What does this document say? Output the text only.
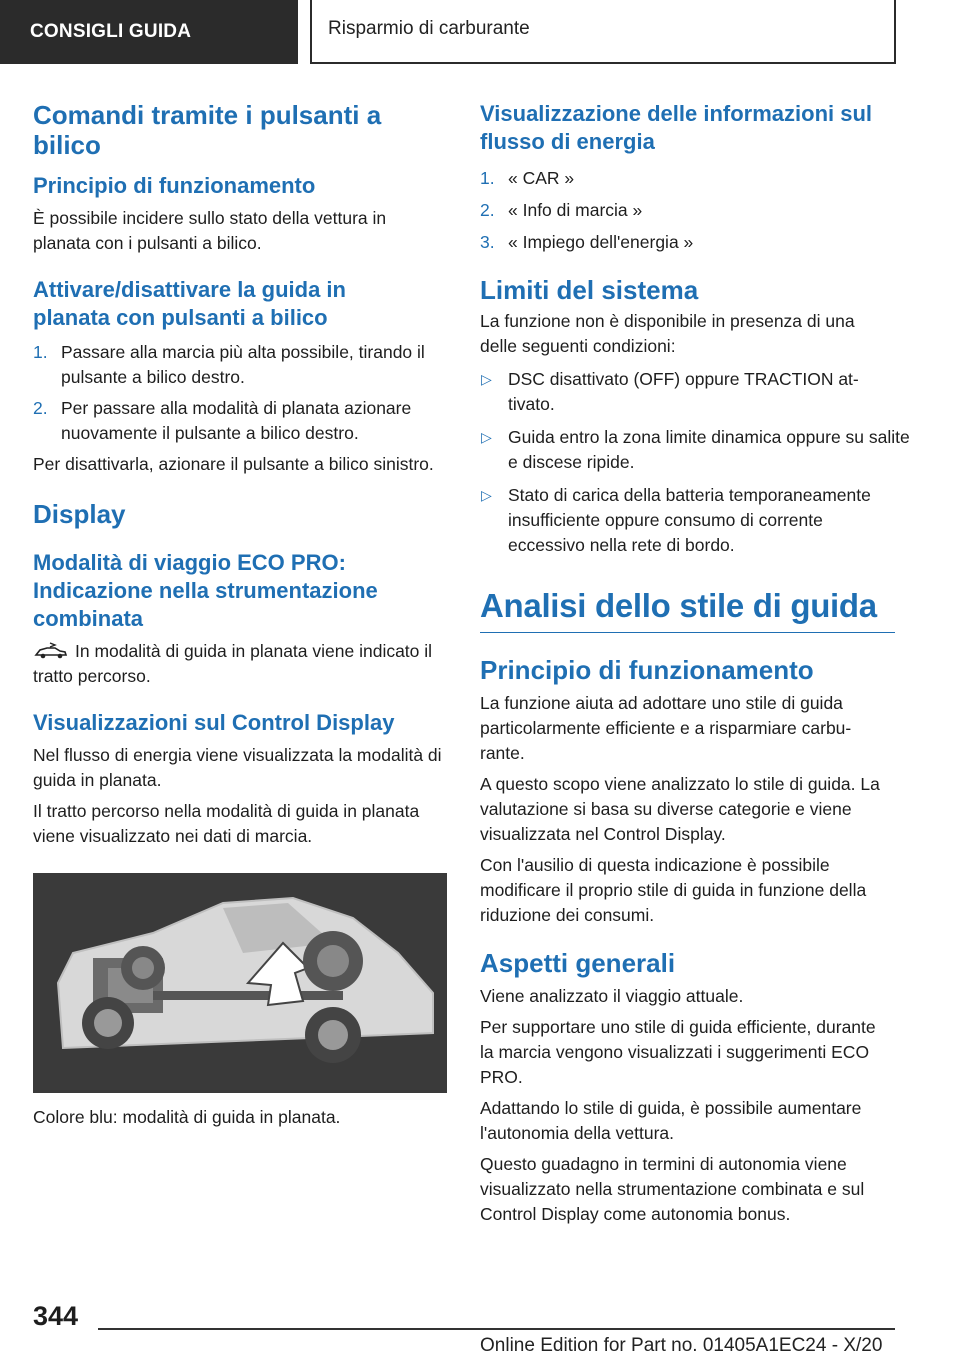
CONSIGLI GUIDA	Risparmio di carburante
Comandi tramite i pulsanti a bilico
Principio di funzionamento

È possibile incidere sullo stato della vettura in planata con i pulsanti a bilico.

Attivare/disattivare la guida in planata con pulsanti a bilico
1. Passare alla marcia più alta possibile, tirando il pulsante a bilico destro.
2. Per passare alla modalità di planata azionare nuovamente il pulsante a bilico destro.

Per disattivarla, azionare il pulsante a bilico sinistro.

Display
Modalità di viaggio ECO PRO: Indicazione nella strumentazione combinata

In modalità di guida in planata viene indicato il tratto percorso.

Visualizzazioni sul Control Display

Nel flusso di energia viene visualizzata la modalità di guida in planata.

Il tratto percorso nella modalità di guida in planata viene visualizzato nei dati di marcia.

Colore blu: modalità di guida in planata.

Visualizzazione delle informazioni sul flusso di energia
1. « CAR »
2. « Info di marcia »
3. « Impiego dell'energia »
Limiti del sistema

La funzione non è disponibile in presenza di una delle seguenti condizioni:

▷ DSC disattivato (OFF) oppure TRACTION attivato.
▷ Guida entro la zona limite dinamica oppure su salite e discese ripide.
▷ Stato di carica della batteria temporaneamente insufficiente oppure consumo di corrente eccessivo nella rete di bordo.
Analisi dello stile di guida
Principio di funzionamento

La funzione aiuta ad adottare uno stile di guida particolarmente efficiente e a risparmiare carburante.

A questo scopo viene analizzato lo stile di guida. La valutazione si basa su diverse categorie e viene visualizzata nel Control Display.

Con l'ausilio di questa indicazione è possibile modificare il proprio stile di guida in funzione della riduzione dei consumi.

Aspetti generali

Viene analizzato il viaggio attuale.

Per supportare uno stile di guida efficiente, durante la marcia vengono visualizzati i suggerimenti ECO PRO.

Adattando lo stile di guida, è possibile aumentare l'autonomia della vettura.

Questo guadagno in termini di autonomia viene visualizzato nella strumentazione combinata e sul Control Display come autonomia bonus.

344
Online Edition for Part no. 01405A1EC24 - X/20
